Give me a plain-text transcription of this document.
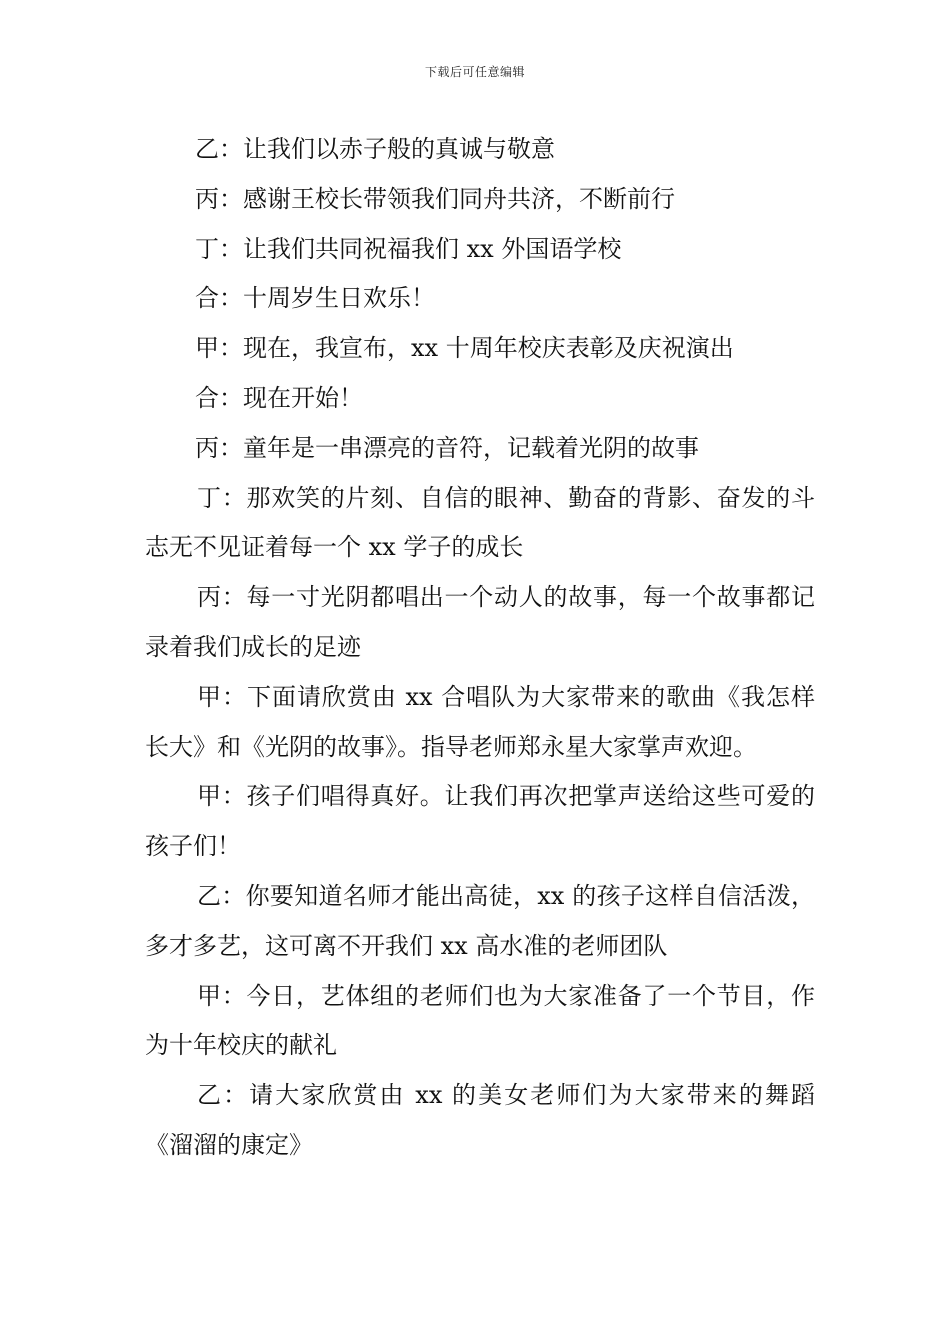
下载后可任意编辑

乙：让我们以赤子般的真诚与敬意

丙：感谢王校长带领我们同舟共济，不断前行

丁：让我们共同祝福我们 xx 外国语学校

合：十周岁生日欢乐！

甲：现在，我宣布，xx 十周年校庆表彰及庆祝演出

合：现在开始！

丙：童年是一串漂亮的音符，记载着光阴的故事

丁：那欢笑的片刻、自信的眼神、勤奋的背影、奋发的斗志无不见证着每一个 xx 学子的成长

丙：每一寸光阴都唱出一个动人的故事，每一个故事都记录着我们成长的足迹

甲：下面请欣赏由 xx 合唱队为大家带来的歌曲《我怎样长大》和《光阴的故事》。指导老师郑永星大家掌声欢迎。

甲：孩子们唱得真好。让我们再次把掌声送给这些可爱的孩子们！

乙：你要知道名师才能出高徒，xx 的孩子这样自信活泼，多才多艺，这可离不开我们 xx 高水准的老师团队

甲：今日，艺体组的老师们也为大家准备了一个节目，作为十年校庆的献礼

乙：请大家欣赏由 xx 的美女老师们为大家带来的舞蹈《溜溜的康定》
